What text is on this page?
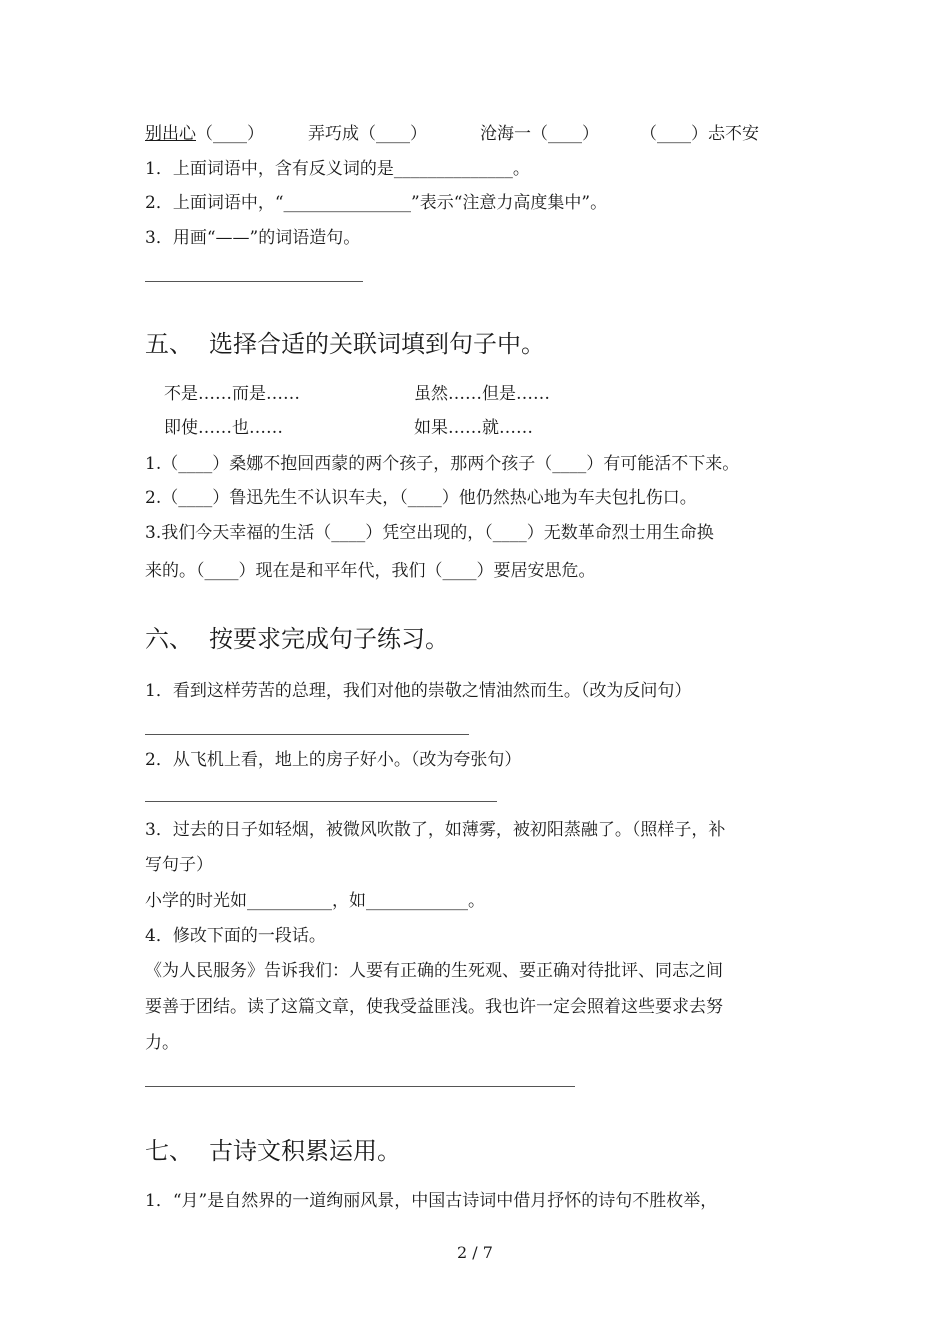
别出心（____）	弄巧成（____）	沧海一（____） （____）忐不安
1．上面词语中，含有反义词的是______________。
2．上面词语中，“_______________”表示“注意力高度集中”。
3．用画“——”的词语造句。
五、 选择合适的关联词填到句子中。
不是……而是……	虽然……但是……
即使……也……	如果……就……
1.（____）桑娜不抱回西蒙的两个孩子，那两个孩子（____）有可能活不下来。
2.（____）鲁迅先生不认识车夫，（____）他仍然热心地为车夫包扎伤口。
3.我们今天幸福的生活（____）凭空出现的，（____）无数革命烈士用生命换
来的。（____）现在是和平年代，我们（____）要居安思危。
六、 按要求完成句子练习。
1．看到这样劳苦的总理，我们对他的崇敬之情油然而生。（改为反问句）
2．从飞机上看，地上的房子好小。（改为夸张句）
3．过去的日子如轻烟，被微风吹散了，如薄雾，被初阳蒸融了。（照样子，补
写句子）
小学的时光如__________，如____________。
4．修改下面的一段话。
《为人民服务》告诉我们：人要有正确的生死观、要正确对待批评、同志之间
要善于团结。读了这篇文章，使我受益匪浅。我也许一定会照着这些要求去努
力。
七、 古诗文积累运用。
1．“月”是自然界的一道绚丽风景，中国古诗词中借月抒怀的诗句不胜枚举，
2 / 7
